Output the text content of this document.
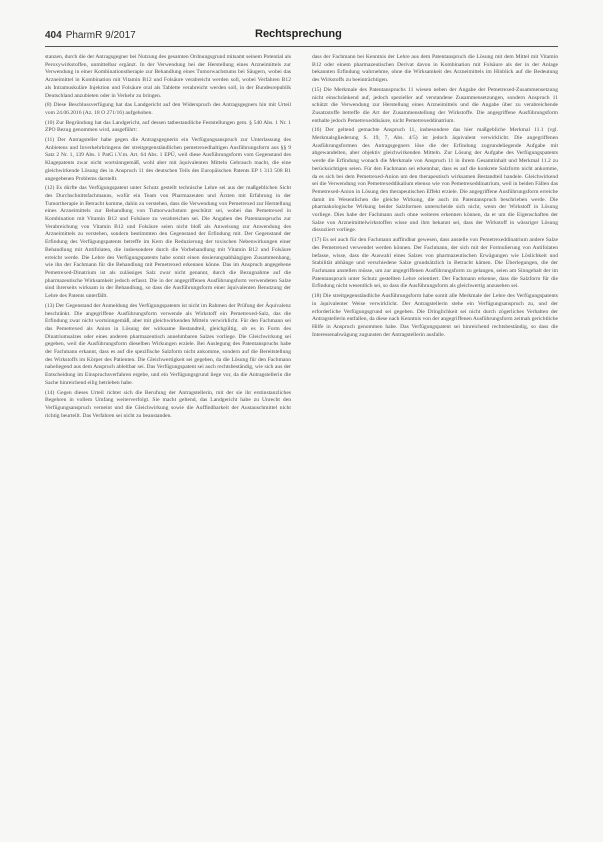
404 PharmR 9/2017	Rechtsprechung

stanzen, durch die der Antragsgegner bei Nutzung des gesamten Ordnungsgrund mitsamt seinem Potential als Peroxywirkstoffen, unmittelbar ergänzt. In der Verwendung bei der Herstellung eines Arzneimittels zur Verwendung in einer Kombinationstherapie zur Behandlung eines Tumorwachstums bei Säugern, wobei das Arzneimittel in Kombination mit Vitamin B12 und Folsäure verabreicht werden soll, wobei Verfahren B12 als Intramuskuläre Injektion und Folsäure oral als Tablette verabreicht werden soll, in der Bundesrepublik Deutschland anzubieten oder in Verkehr zu bringen.

(8) Diese Beschlussverfügung hat das Landgericht auf den Widerspruch des Antragsgegners hin mit Urteil vom 24.06.2016 (Az. 18 O 271/16) aufgehoben.

(10) Zur Begründung hat das Landgericht, auf dessen tatbestandliche Feststellungen gem. § 540 Abs. 1 Nr. 1 ZPO Bezug genommen wird, ausgeführt:

(11) Der Antragsteller habe gegen die Antragsgegnerin ein Verfügungsanspruch zur Unterlassung des Anbietens und Inverkehrbringens der streitgegenständlichen pemetrexedhaltigen Ausführungsform aus §§ 9 Satz 2 Nr. 1, 139 Abs. 1 PatG i.V.m. Art. 64 Abs. 1 EPÜ, weil diese Ausführungsform vom Gegenstand des Klagepatents zwar nicht wortsinngemäß, wohl aber mit äquivalenten Mitteln Gebrauch macht, die eine gleichwirkende Lösung des in Anspruch 11 des deutschen Teils des Europäischen Patents EP 1 313 508 B1 angegebenen Problems darstellt.

(12) Es dürfte das Verfügungspatent unter Schutz gestellt technische Lehre sei aus der maßgeblichen Sicht des Durchschnittsfachmanns, wofür ein Team von Pharmazeuten und Ärzten mit Erfahrung in der Tumortherapie in Betracht komme, dahin zu verstehen, dass die Verwendung von Pemetrexed zur Herstellung eines Arzneimittels zur Behandlung von Tumorwachstum geschützt sei, wobei das Pemetrexed in Kombination mit Vitamin B12 und Folsäure zu verabreichen sei. Die Angaben des Patentanspruchs zur Verabreichung von Vitamin B12 und Folsäure seien nicht bloß als Anweisung zur Anwendung des Arzneimittels zu verstehen, sondern bestimmten den Gegenstand der Erfindung mit. Der Gegenstand der Erfindung des Verfügungspatents betreffe im Kern die Reduzierung der toxischen Nebenwirkungen einer Behandlung mit Antifolaten, die insbesondere durch die Vorbehandlung mit Vitamin B12 und Folsäure erreicht werde. Die Lehre des Verfügungspatents habe somit einen dosierungsabhängigen Zusammenhang, wie ihn der Fachmann für die Behandlung mit Pemetrexed erkennen könne. Das im Anspruch angegebene Pemetrexed-Dinatrium ist als zulässiges Salz zwar nicht genannt, durch die Bezugnahme auf die pharmazeutische Wirksamkeit jedoch erfasst. Die in der angegriffenen Ausführungsform verwendeten Salze sind ihrerseits wirksam in der Behandlung, so dass die Ausführungsform einer äquivalenten Benutzung der Lehre des Patents unterfällt.

(13) Der Gegenstand der Anmeldung des Verfügungspatents ist nicht im Rahmen der Prüfung der Äquivalenz beschränkt. Die angegriffene Ausführungsform verwende als Wirkstoff ein Pemetrexed-Salz, das die Erfindung zwar nicht wortsinngemäß, aber mit gleichwirkenden Mitteln verwirklicht. Für den Fachmann sei das Pemetrexed als Anion in Lösung der wirksame Bestandteil, gleichgültig, ob es in Form des Dinatriumsalzes oder eines anderen pharmazeutisch annehmbaren Salzes vorliege. Die Gleichwirkung sei gegeben, weil die Ausführungsform dieselben Wirkungen erziele. Bei Auslegung des Patentanspruchs habe der Fachmann erkannt, dass es auf die spezifische Salzform nicht ankomme, sondern auf die Bereitstellung des Wirkstoffs im Körper des Patienten. Die Gleichwertigkeit sei gegeben, da die Lösung für den Fachmann naheliegend aus dem Anspruch ableitbar sei. Das Verfügungspatent sei auch rechtsbeständig, wie sich aus der Entscheidung im Einspruchsverfahren ergebe, und ein Verfügungsgrund liege vor, da die Antragstellerin die Sache hinreichend eilig betrieben habe.

(14) Gegen dieses Urteil richtet sich die Berufung der Antragstellerin, mit der sie ihr erstinstanzliches Begehren in vollem Umfang weiterverfolgt. Sie macht geltend, das Landgericht habe zu Unrecht den Verfügungsanspruch verneint und die Gleichwirkung sowie die Auffindbarkeit der Austauschmittel nicht richtig beurteilt. Das Verfahren sei nicht zu beanstanden.

dass der Fachmann bei Kenntnis der Lehre aus dem Patentanspruch die Lösung mit dem Mittel mit Vitamin B12 oder einem pharmazeutischen Derivat davon in Kombination mit Folsäure als der in der Anlage bekannten Erfindung wahrnehme, ohne die Wirksamkeit des Arzneimittels im Hinblick auf die Bedeutung des Wirkstoffs zu beeinträchtigen.

(15) Die Merkmale des Patentanspruchs 11 wiesen neben der Angabe der Pemetrexed-Zusammensetzung nicht einschränkend auf, jedoch spezieller auf verstandene Zusammensetzungen, sondern Anspruch 11 schützt die Verwendung zur Herstellung eines Arzneimittels und die Angabe über zu verabreichende Zusatzstoffe betreffe die Art der Zusammenstellung der Wirkstoffe. Die angegriffene Ausführungsform enthalte jedoch Pemetrexeddisäure, nicht Pemetrexeddinatrium.

(16) Der geltend gemachte Anspruch 11, insbesondere das hier maßgebliche Merkmal 11.1 (vgl. Merkmalsgliederung S. 19, 7, Abs. 4/5) ist jedoch äquivalent verwirklicht. Die angegriffenen Ausführungsformen des Antragsgegners löse die der Erfindung zugrundeliegende Aufgabe mit abgewandelten, aber objektiv gleichwirkenden Mitteln. Zur Lösung der Aufgabe des Verfügungspatents werde die Erfindung wonach die Merkmale von Anspruch 11 in ihrem Gesamtinhalt und Merkmal 11.2 zu berücksichtigen seien. Für den Fachmann sei erkennbar, dass es auf die konkrete Salzform nicht ankomme, da es sich bei dem Pemetrexed-Anion um den therapeutisch wirksamen Bestandteil handele. Gleichwirkend sei die Verwendung von Pemetrexeddikalium ebenso wie von Pemetrexeddinatrium, weil in beiden Fällen das Pemetrexed-Anion in Lösung den therapeutischen Effekt erziele. Die angegriffene Ausführungsform erreiche damit im Wesentlichen die gleiche Wirkung, die auch im Patentanspruch beschrieben werde. Die pharmakologische Wirkung beider Salzformen unterscheide sich nicht, wenn der Wirkstoff in Lösung vorliege. Dies habe der Fachmann auch ohne weiteres erkennen können, da er um die Eigenschaften der Salze von Arzneimittelwirkstoffen wisse und ihm bekannt sei, dass der Wirkstoff in wässriger Lösung dissoziiert vorliege.

(17) Es sei auch für den Fachmann auffindbar gewesen, dass anstelle von Pemetrexeddinatrium andere Salze des Pemetrexed verwendet werden können. Der Fachmann, der sich mit der Formulierung von Antifolaten befasse, wisse, dass die Auswahl eines Salzes von pharmazeutischen Erwägungen wie Löslichkeit und Stabilität abhänge und verschiedene Salze grundsätzlich in Betracht kämen. Die Überlegungen, die der Fachmann anstellen müsse, um zur angegriffenen Ausführungsform zu gelangen, seien am Sinngehalt der im Patentanspruch unter Schutz gestellten Lehre orientiert. Der Fachmann erkenne, dass die Salzform für die Erfindung nicht wesentlich sei, so dass die Ausführungsform als gleichwertig anzusehen sei.

(18) Die streitgegenständliche Ausführungsform habe somit alle Merkmale der Lehre des Verfügungspatents in äquivalenter Weise verwirklicht. Der Antragstellerin stehe ein Verfügungsanspruch zu, und der erforderliche Verfügungsgrund sei gegeben. Die Dringlichkeit sei nicht durch zögerliches Verhalten der Antragstellerin entfallen, da diese nach Kenntnis von der angegriffenen Ausführungsform zeitnah gerichtliche Hilfe in Anspruch genommen habe. Das Verfügungspatent sei hinreichend rechtsbeständig, so dass die Interessenabwägung zugunsten der Antragstellerin ausfalle.
